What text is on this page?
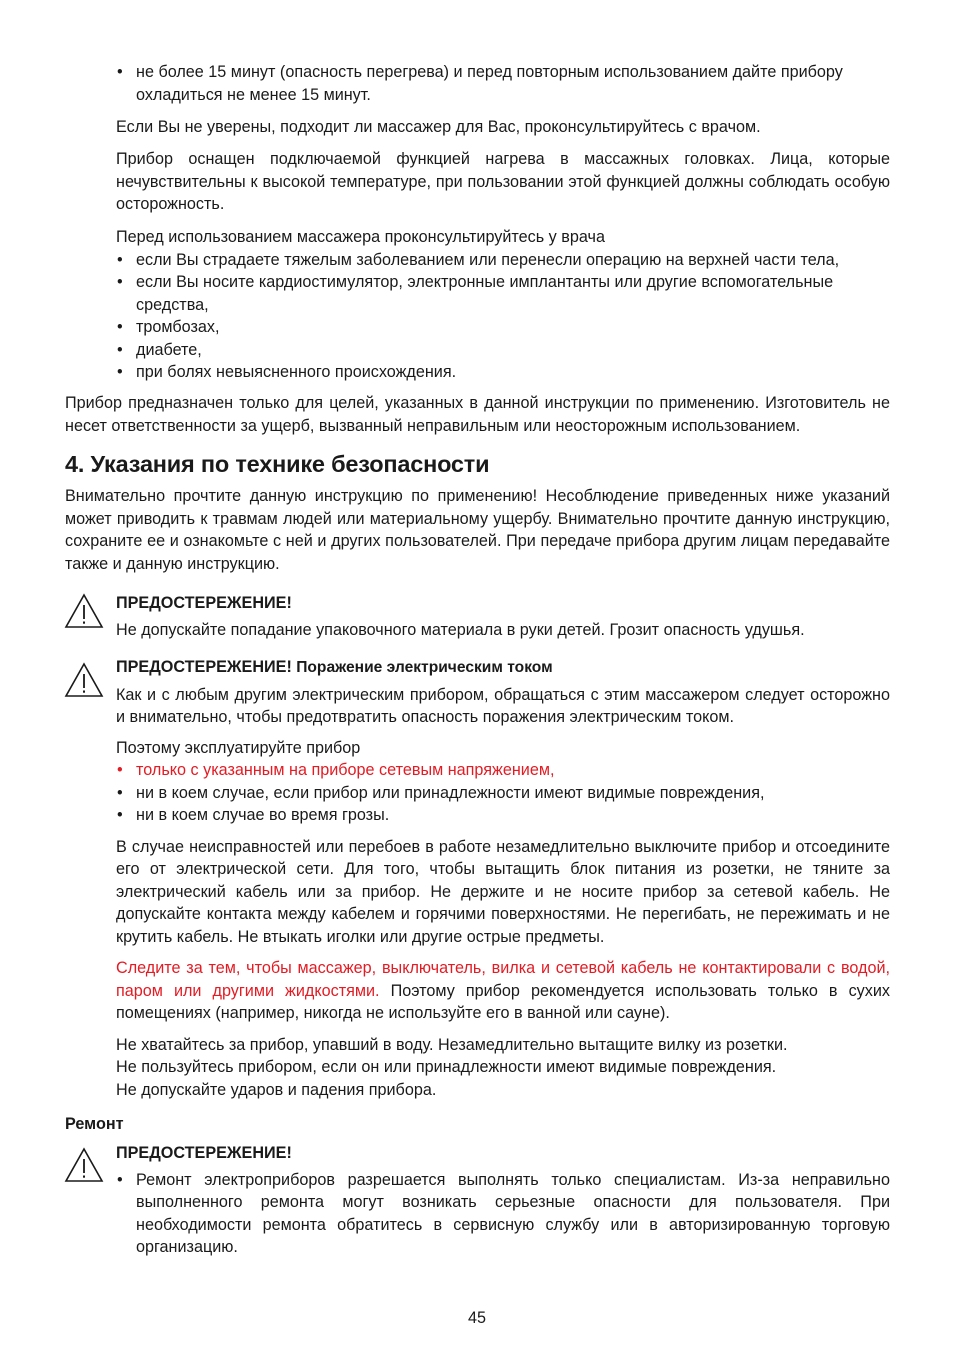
• не более 15 минут (опасность перегрева) и перед повторным использованием дайте прибору охладиться не менее 15 минут.

Если Вы не уверены, подходит ли массажер для Вас, проконсультируйтесь с врачом.

Прибор оснащен подключаемой функцией нагрева в массажных головках. Лица, которые нечувствительны к высокой температуре, при пользовании этой функцией должны соблюдать особую осторожность.

Перед использованием массажера проконсультируйтесь у врача

• если Вы страдаете тяжелым заболеванием или перенесли операцию на верхней части тела,
• если Вы носите кардиостимулятор, электронные имплантанты или другие вспомогательные средства,
• тромбозах,
• диабете,
• при болях невыясненного происхождения.

Прибор предназначен только для целей, указанных в данной инструкции по применению. Изготовитель не несет ответственности за ущерб, вызванный неправильным или неосторожным использованием.

4. Указания по технике безопасности

Внимательно прочтите данную инструкцию по применению! Несоблюдение приведенных ниже указаний может приводить к травмам людей или материальному ущербу. Внимательно прочтите данную инструкцию, сохраните ее и ознакомьте с ней и других пользователей. При передаче прибора другим лицам передавайте также и данную инструкцию.

ПРЕДОСТЕРЕЖЕНИЕ!

Не допускайте попадание упаковочного материала в руки детей. Грозит опасность удушья.

ПРЕДОСТЕРЕЖЕНИЕ! Поражение электрическим током

Как и с любым другим электрическим прибором, обращаться с этим массажером следует осторожно и внимательно, чтобы предотвратить опасность поражения электрическим током.

Поэтому эксплуатируйте прибор

• только с указанным на приборе сетевым напряжением,
• ни в коем случае, если прибор или принадлежности имеют видимые повреждения,
• ни в коем случае во время грозы.

В случае неисправностей или перебоев в работе незамедлительно выключите прибор и отсоедините его от электрической сети. Для того, чтобы вытащить блок питания из розетки, не тяните за электрический кабель или за прибор. Не держите и не носите прибор за сетевой кабель. Не допускайте контакта между кабелем и горячими поверхностями. Не перегибать, не пережимать и не крутить кабель. Не втыкать иголки или другие острые предметы.

Следите за тем, чтобы массажер, выключатель, вилка и сетевой кабель не контактировали с водой, паром или другими жидкостями. Поэтому прибор рекомендуется использовать только в сухих помещениях (например, никогда не используйте его в ванной или сауне).

Не хватайтесь за прибор, упавший в воду. Незамедлительно вытащите вилку из розетки.

Не пользуйтесь прибором, если он или принадлежности имеют видимые повреждения.

Не допускайте ударов и падения прибора.

Ремонт

ПРЕДОСТЕРЕЖЕНИЕ!

• Ремонт электроприборов разрешается выполнять только специалистам. Из-за неправильно выполненного ремонта могут возникать серьезные опасности для пользователя. При необходимости ремонта обратитесь в сервисную службу или в авторизированную торговую организацию.
45
